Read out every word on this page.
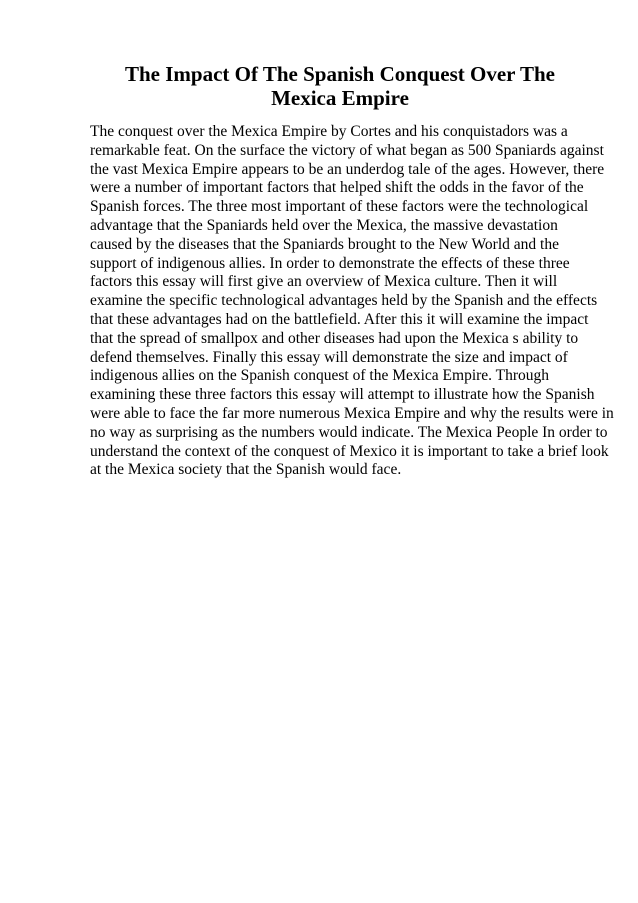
The Impact Of The Spanish Conquest Over The Mexica Empire
The conquest over the Mexica Empire by Cortes and his conquistadors was a
remarkable feat. On the surface the victory of what began as 500 Spaniards against
the vast Mexica Empire appears to be an underdog tale of the ages. However, there
were a number of important factors that helped shift the odds in the favor of the
Spanish forces. The three most important of these factors were the technological
advantage that the Spaniards held over the Mexica, the massive devastation
caused by the diseases that the Spaniards brought to the New World and the
support of indigenous allies. In order to demonstrate the effects of these three
factors this essay will first give an overview of Mexica culture. Then it will
examine the specific technological advantages held by the Spanish and the effects
that these advantages had on the battlefield. After this it will examine the impact
that the spread of smallpox and other diseases had upon the Mexica s ability to
defend themselves. Finally this essay will demonstrate the size and impact of
indigenous allies on the Spanish conquest of the Mexica Empire. Through
examining these three factors this essay will attempt to illustrate how the Spanish
were able to face the far more numerous Mexica Empire and why the results were in
no way as surprising as the numbers would indicate. The Mexica People In order to
understand the context of the conquest of Mexico it is important to take a brief look
at the Mexica society that the Spanish would face.
